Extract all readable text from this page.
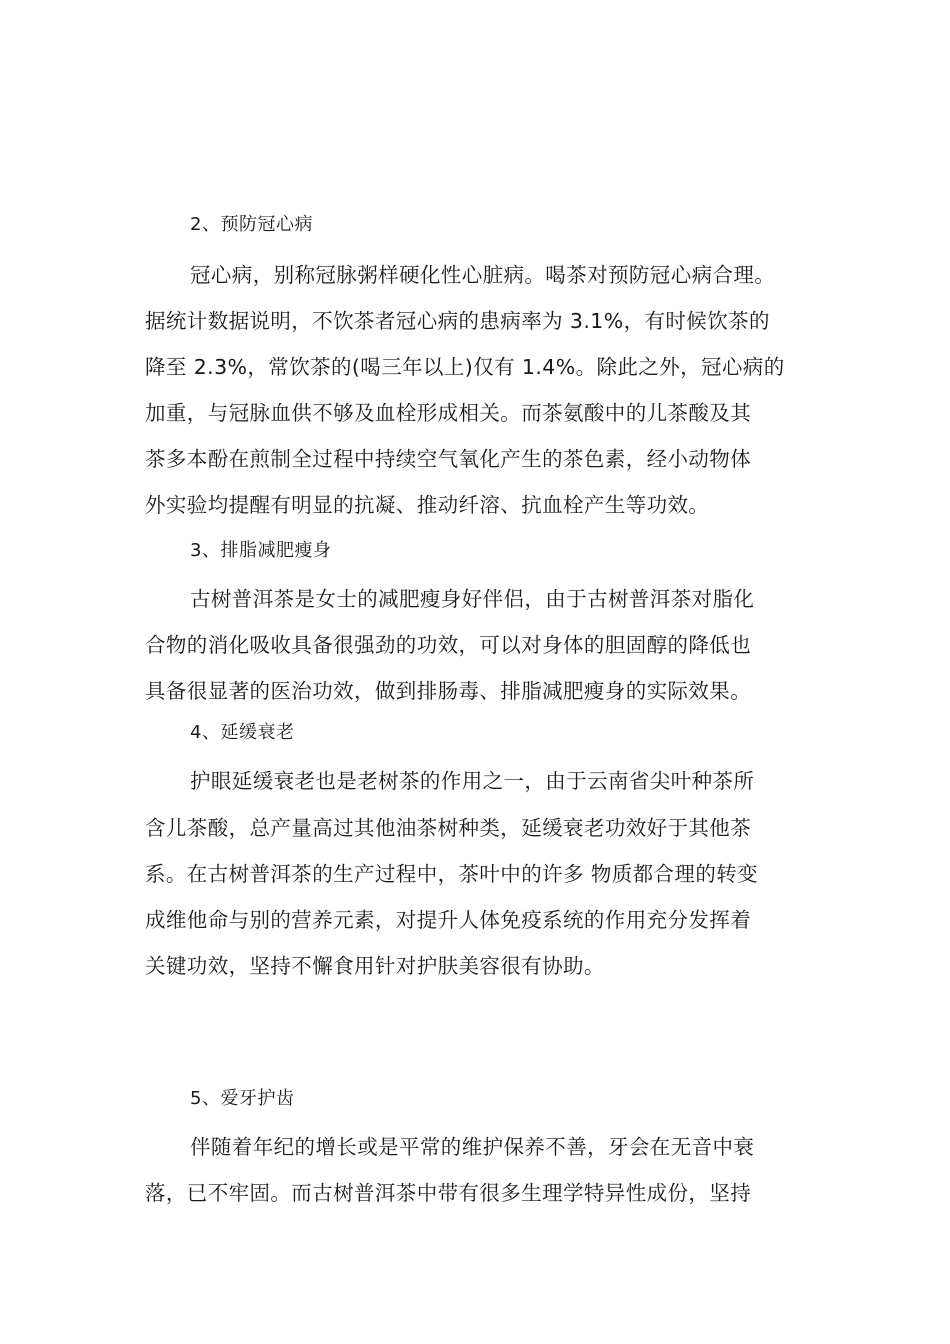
2、预防冠心病
冠心病，别称冠脉粥样硬化性心脏病。喝茶对预防冠心病合理。
据统计数据说明，不饮茶者冠心病的患病率为 3.1%，有时候饮茶的
降至 2.3%，常饮茶的(喝三年以上)仅有 1.4%。除此之外，冠心病的
加重，与冠脉血供不够及血栓形成相关。而茶氨酸中的儿茶酸及其
茶多本酚在煎制全过程中持续空气氧化产生的茶色素，经小动物体
外实验均提醒有明显的抗凝、推动纤溶、抗血栓产生等功效。
3、排脂减肥瘦身
古树普洱茶是女士的减肥瘦身好伴侣，由于古树普洱茶对脂化
合物的消化吸收具备很强劲的功效，可以对身体的胆固醇的降低也
具备很显著的医治功效，做到排肠毒、排脂减肥瘦身的实际效果。
4、延缓衰老
护眼延缓衰老也是老树茶的作用之一，由于云南省尖叶种茶所
含儿茶酸，总产量高过其他油茶树种类，延缓衰老功效好于其他茶
系。在古树普洱茶的生产过程中，茶叶中的许多 物质都合理的转变
成维他命与别的营养元素，对提升人体免疫系统的作用充分发挥着
关键功效，坚持不懈食用针对护肤美容很有协助。
5、爱牙护齿
伴随着年纪的增长或是平常的维护保养不善，牙会在无音中衰
落，已不牢固。而古树普洱茶中带有很多生理学特异性成份，坚持
